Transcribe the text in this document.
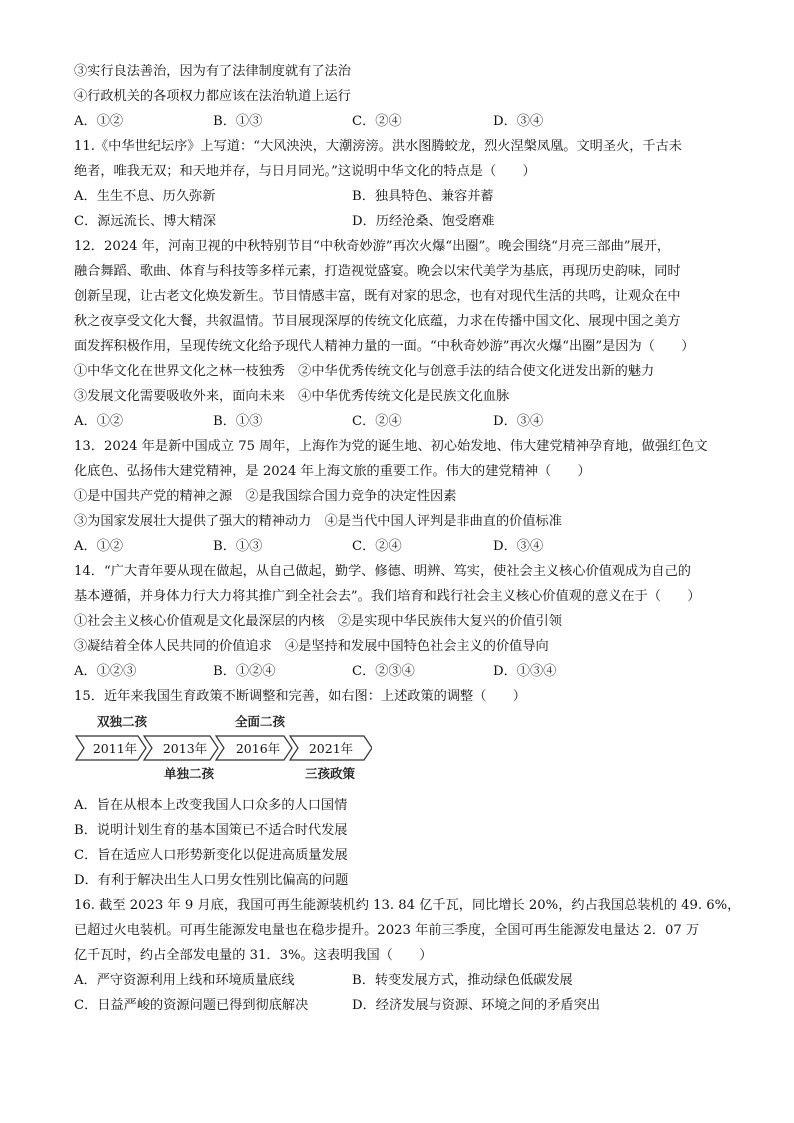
③实行良法善治，因为有了法律制度就有了法治
④行政机关的各项权力都应该在法治轨道上运行
A．①②	B．①③	C．②④	D．③④
11.《中华世纪坛序》上写道：“大风泱泱，大潮滂滂。洪水图腾蛟龙，烈火涅槃凤凰。文明圣火，千古未
绝者，唯我无双；和天地并存，与日月同光。”这说明中华文化的特点是（　　）
A．生生不息、历久弥新	B．独具特色、兼容并蓄
C．源远流长、博大精深	D．历经沧桑、饱受磨难
12．2024 年，河南卫视的中秋特别节目“中秋奇妙游”再次火爆“出圈”。晚会围绕“月亮三部曲”展开，
融合舞蹈、歌曲、体育与科技等多样元素，打造视觉盛宴。晚会以宋代美学为基底，再现历史韵味，同时
创新呈现，让古老文化焕发新生。节目情感丰富，既有对家的思念，也有对现代生活的共鸣，让观众在中
秋之夜享受文化大餐，共叙温情。节目展现深厚的传统文化底蕴，力求在传播中国文化、展现中国之美方
面发挥积极作用，呈现传统文化给予现代人精神力量的一面。“中秋奇妙游”再次火爆“出圈”是因为（　　）
①中华文化在世界文化之林一枝独秀　②中华优秀传统文化与创意手法的结合使文化迸发出新的魅力
③发展文化需要吸收外来，面向未来　④中华优秀传统文化是民族文化血脉
A．①②	B．①③	C．②④	D．③④
13．2024 年是新中国成立 75 周年，上海作为党的诞生地、初心始发地、伟大建党精神孕育地，做强红色文
化底色、弘扬伟大建党精神，是 2024 年上海文旅的重要工作。伟大的建党精神（　　）
①是中国共产党的精神之源　②是我国综合国力竞争的决定性因素
③为国家发展壮大提供了强大的精神动力　④是当代中国人评判是非曲直的价值标准
A．①②	B．①③	C．②④	D．③④
14．“广大青年要从现在做起，从自己做起，勤学、修德、明辨、笃实，使社会主义核心价值观成为自己的
基本遵循，并身体力行大力将其推广到全社会去”。我们培育和践行社会主义核心价值观的意义在于（　　）
①社会主义核心价值观是文化最深层的内核　②是实现中华民族伟大复兴的价值引领
③凝结着全体人民共同的价值追求　④是坚持和发展中国特色社会主义的价值导向
A．①②③	B．①②④	C．②③④	D．①③④
15．近年来我国生育政策不断调整和完善，如右图：上述政策的调整（　　）
双独二孩	全面二孩
2011年 2013年 2016年 2021年
单独二孩	三孩政策
A．旨在从根本上改变我国人口众多的人口国情
B．说明计划生育的基本国策已不适合时代发展
C．旨在适应人口形势新变化以促进高质量发展
D．有利于解决出生人口男女性别比偏高的问题
16. 截至 2023 年 9 月底，我国可再生能源装机约 13. 84 亿千瓦，同比增长 20%，约占我国总装机的 49. 6%，
已超过火电装机。可再生能源发电量也在稳步提升。2023 年前三季度，全国可再生能源发电量达 2．07 万
亿千瓦时，约占全部发电量的 31．3%。这表明我国（　　）
A．严守资源利用上线和环境质量底线	B．转变发展方式，推动绿色低碳发展
C．日益严峻的资源问题已得到彻底解决	D．经济发展与资源、环境之间的矛盾突出
